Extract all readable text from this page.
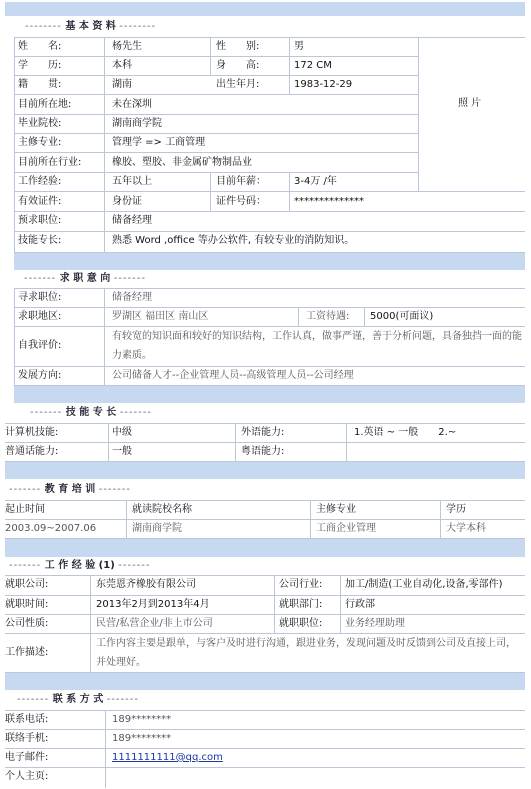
-------- 基 本 资 料 --------
照 片
姓　　名:	杨先生	性　　别:	男
学　　历:	本科	身　　高:	172 CM
籍　　贯:	湖南	出生年月:	1983-12-29
目前所在地:	未在深圳
毕业院校:	湖南商学院
主修专业:	管理学 => 工商管理
目前所在行业:	橡胶、塑胶、非金属矿物制品业
工作经验:	五年以上	目前年薪：	3-4万 /年
有效证件:	身份证	证件号码：	**************
预求职位:	储备经理
技能专长:	熟悉 Word ,office 等办公软件, 有较专业的消防知识。
------- 求 职 意 向 -------
寻求职位:	储备经理
求职地区:	罗湖区 福田区 南山区	工资待遇: 5000(可面议)
自我评价:
有较宽的知识面和较好的知识结构，工作认真，做事严谨，善于分析问题，具备独挡一面的能力素质。
发展方向:	公司储备人才--企业管理人员--高级管理人员--公司经理
------- 技 能 专 长 -------
计算机技能:	中级	外语能力:	1.英语 ~ 一般　　2.~
普通话能力:	一般	粤语能力:
------- 教 育 培 训 -------
起止时间	就读院校名称	主修专业	学历
2003.09~2007.06	湖南商学院	工商企业管理	大学本科
------- 工 作 经 验 (1) -------
就职公司:	东莞恩齐橡胶有限公司	公司行业: 加工/制造(工业自动化,设备,零部件)
就职时间:	2013年2月到2013年4月	就职部门: 行政部
公司性质:	民营/私营企业/非上市公司	就职职位: 业务经理助理
工作描述:
工作内容主要是跟单，与客户及时进行沟通，跟进业务，发现问题及时反馈到公司及直接上司，并处理好。
------- 联 系 方 式 -------
联系电话:	189********
联络手机:	189********
电子邮件:	1111111111@qq.com
个人主页:
